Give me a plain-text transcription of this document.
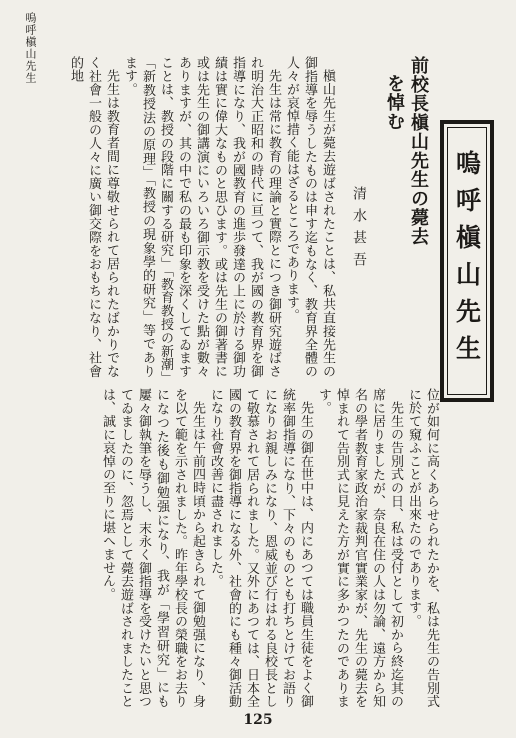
嗚呼槇山先生
嗚呼槇山先生
前校長槇山先生の薨去
を悼む
清水甚吾
槇山先生が薨去遊ばされたことは、私共直接先生の御指導を辱うしたものは申す迄もなく、教育界全體の人々が哀悼措く能はざるところであります。
先生は常に教育の理論と實際とにつき御研究遊ばされ明治大正昭和の時代に亘つて、我が國の教育界を御指導になり、我が國教育の進歩發達の上に於ける御功績は實に偉大なものと思ひます。或は先生の御著書に或は先生の御講演にいろいろ御示教を受けた點が數々ありますが、其の中で私の最も印象を深くしてゐますことは、教授の段階に關する研究」「教育教授の新潮」「新教授法の原理」「教授の現象學的研究」等であります。
先生は教育者間に尊敬せられて居られたばかりでなく社會一般の人々に廣い御交際をおもちになり、社會的地
位が如何に高くあらせられたかを、私は先生の告別式に於て窺ふことが出來たのであります。
先生の告別式の日、私は受付として初から終迄其の席に居りましたが、奈良在住の人は勿論、遠方から知名の學者教育家政治家裁判官實業家が、先生の薨去を悼まれて告別式に見えた方が實に多かつたのであります。
先生の御在世中は、内にあつては職員生徒をよく御統率御指導になり、下々のものとも打ちとけてお語りになりお親しみになり、恩威並び行はれる良校長として敬慕されて居られました。又外にあつては、日本全國の教育界を御指導になる外、社會的にも種々御活動になり社會改善に盡されました。
先生は午前四時頃から起きられて御勉强になり、身を以て範を示されました。昨年學校長の榮職をお去りになつた後も御勉强になり、我が「學習研究」にも屢々御執筆を辱うし、末永く御指導を受けたいと思つてゐましたのに、忽焉として薨去遊ばされましたことは、誠に哀悼の至りに堪へません。
125
